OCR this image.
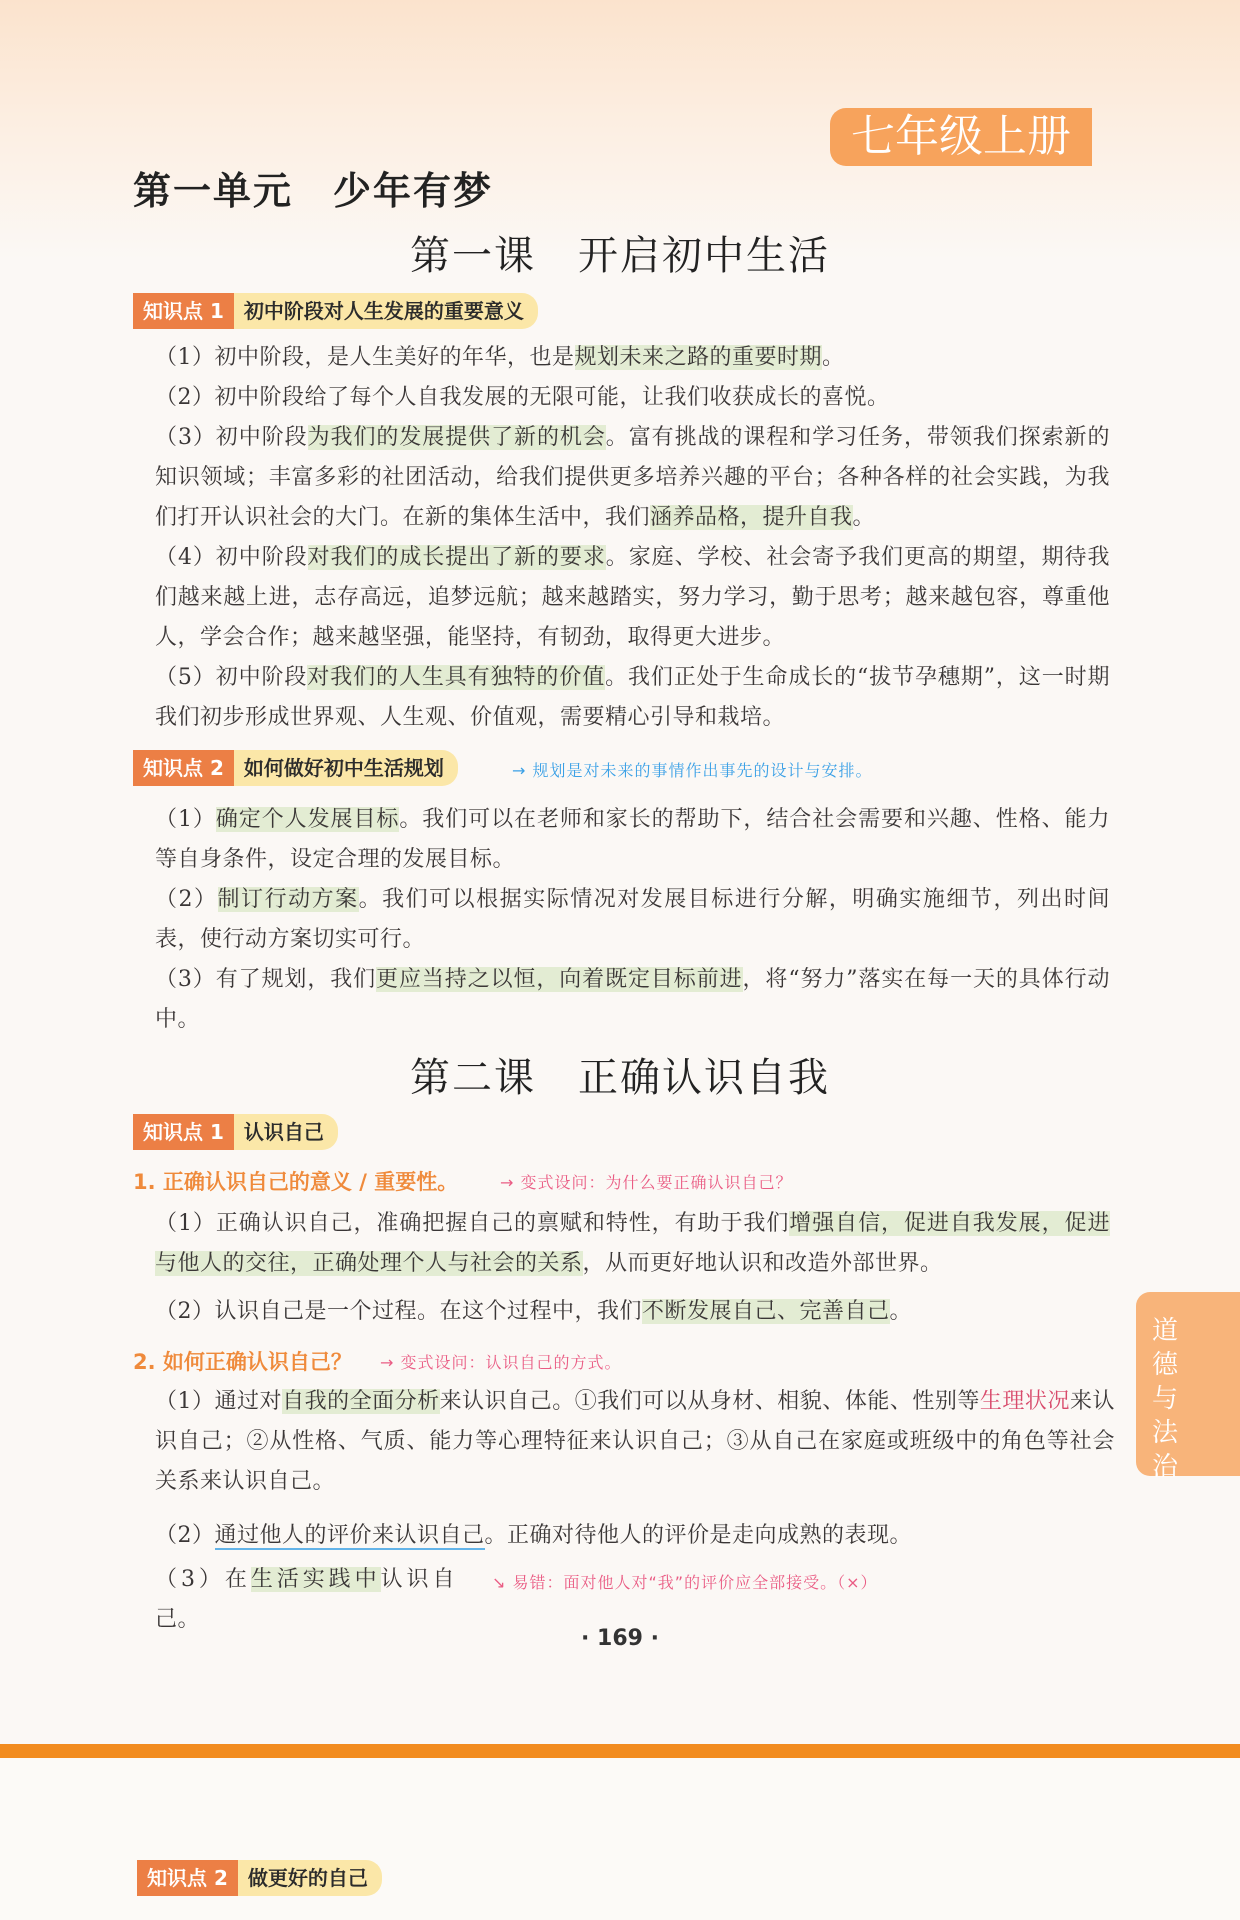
七年级上册
第一单元　少年有梦
第一课　开启初中生活
知识点 1	初中阶段对人生发展的重要意义
（1）初中阶段，是人生美好的年华，也是规划未来之路的重要时期。
（2）初中阶段给了每个人自我发展的无限可能，让我们收获成长的喜悦。
（3）初中阶段为我们的发展提供了新的机会。富有挑战的课程和学习任务，带领我们探索新的知识领域；丰富多彩的社团活动，给我们提供更多培养兴趣的平台；各种各样的社会实践，为我们打开认识社会的大门。在新的集体生活中，我们涵养品格，提升自我。
（4）初中阶段对我们的成长提出了新的要求。家庭、学校、社会寄予我们更高的期望，期待我们越来越上进，志存高远，追梦远航；越来越踏实，努力学习，勤于思考；越来越包容，尊重他人，学会合作；越来越坚强，能坚持，有韧劲，取得更大进步。
（5）初中阶段对我们的人生具有独特的价值。我们正处于生命成长的“拔节孕穗期”，这一时期我们初步形成世界观、人生观、价值观，需要精心引导和栽培。
知识点 2	如何做好初中生活规划	→ 规划是对未来的事情作出事先的设计与安排。
（1）确定个人发展目标。我们可以在老师和家长的帮助下，结合社会需要和兴趣、性格、能力等自身条件，设定合理的发展目标。
（2）制订行动方案。我们可以根据实际情况对发展目标进行分解，明确实施细节，列出时间表，使行动方案切实可行。
（3）有了规划，我们更应当持之以恒，向着既定目标前进，将“努力”落实在每一天的具体行动中。
第二课　正确认识自我
知识点 1	认识自己
1. 正确认识自己的意义 / 重要性。	→ 变式设问：为什么要正确认识自己？
（1）正确认识自己，准确把握自己的禀赋和特性，有助于我们增强自信，促进自我发展，促进与他人的交往，正确处理个人与社会的关系，从而更好地认识和改造外部世界。
（2）认识自己是一个过程。在这个过程中，我们不断发展自己、完善自己。
2. 如何正确认识自己？ → 变式设问：认识自己的方式。
（1）通过对自我的全面分析来认识自己。①我们可以从身材、相貌、体能、性别等生理状况来认识自己；②从性格、气质、能力等心理特征来认识自己；③从自己在家庭或班级中的角色等社会关系来认识自己。
（2）通过他人的评价来认识自己。正确对待他人的评价是走向成熟的表现。
（3）在生活实践中认识自己。
↘ 易错：面对他人对“我”的评价应全部接受。（×）
道德与法治
· 169 ·
知识点 2	做更好的自己
